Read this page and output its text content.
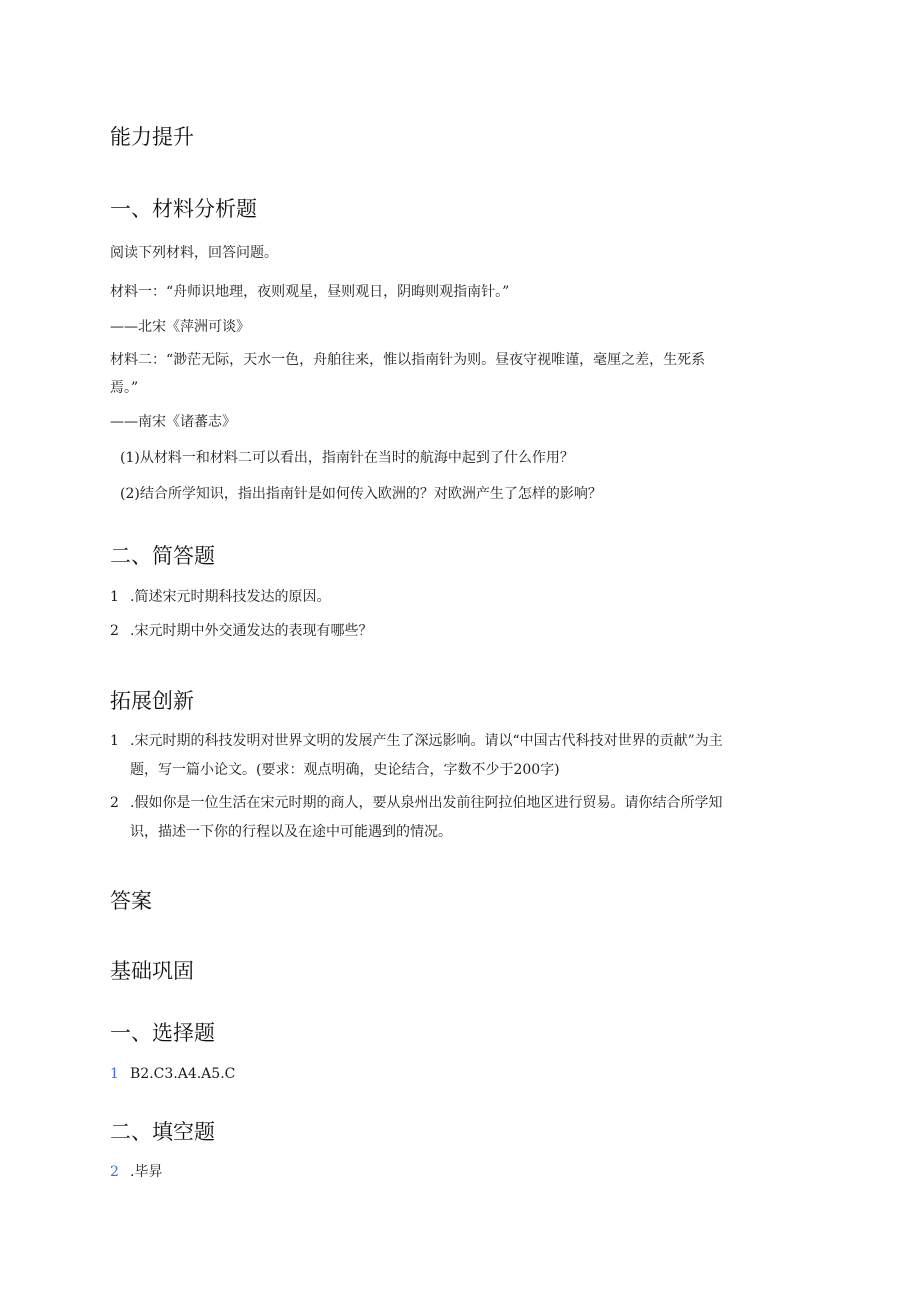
能力提升
一、材料分析题
阅读下列材料，回答问题。
材料一：“舟师识地理，夜则观星，昼则观日，阴晦则观指南针。”
——北宋《萍洲可谈》
材料二：“渺茫无际，天水一色，舟舶往来，惟以指南针为则。昼夜守视唯谨，毫厘之差，生死系
焉。”
——南宋《诸蕃志》
(1)从材料一和材料二可以看出，指南针在当时的航海中起到了什么作用？
(2)结合所学知识，指出指南针是如何传入欧洲的？对欧洲产生了怎样的影响？
二、简答题
1 .简述宋元时期科技发达的原因。
2 .宋元时期中外交通发达的表现有哪些？
拓展创新
1 .宋元时期的科技发明对世界文明的发展产生了深远影响。请以“中国古代科技对世界的贡献”为主
题，写一篇小论文。(要求：观点明确，史论结合，字数不少于200字)
2 .假如你是一位生活在宋元时期的商人，要从泉州出发前往阿拉伯地区进行贸易。请你结合所学知
识，描述一下你的行程以及在途中可能遇到的情况。
答案
基础巩固
一、选择题
1 B2.C3.A4.A5.C
二、填空题
2 .毕昇
